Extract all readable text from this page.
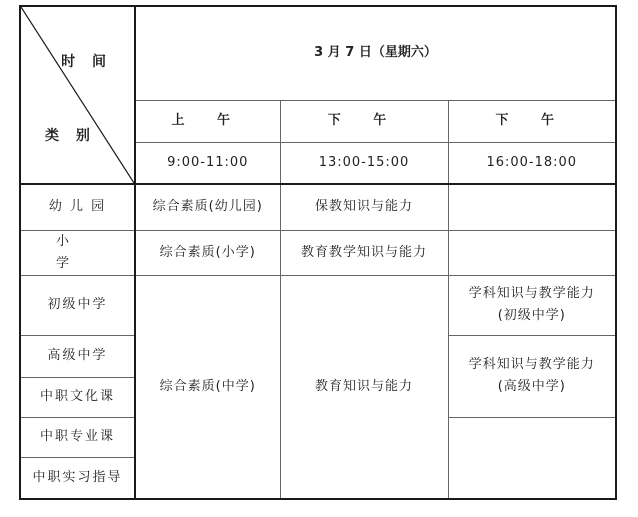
时 间
类 别	3 月 7 日（星期六）		
	上 午	下 午	下 午
	9:00-11:00	13:00-15:00	16:00-18:00
幼 儿 园	综合素质(幼儿园)	保教知识与能力	
小 学	综合素质(小学)	教育教学知识与能力	
初级中学	综合素质(中学)	教育知识与能力	学科知识与教学能力
(初级中学)

高级中学			学科知识与教学能力
(高级中学)

中职文化课			
中职专业课			
中职实习指导			
